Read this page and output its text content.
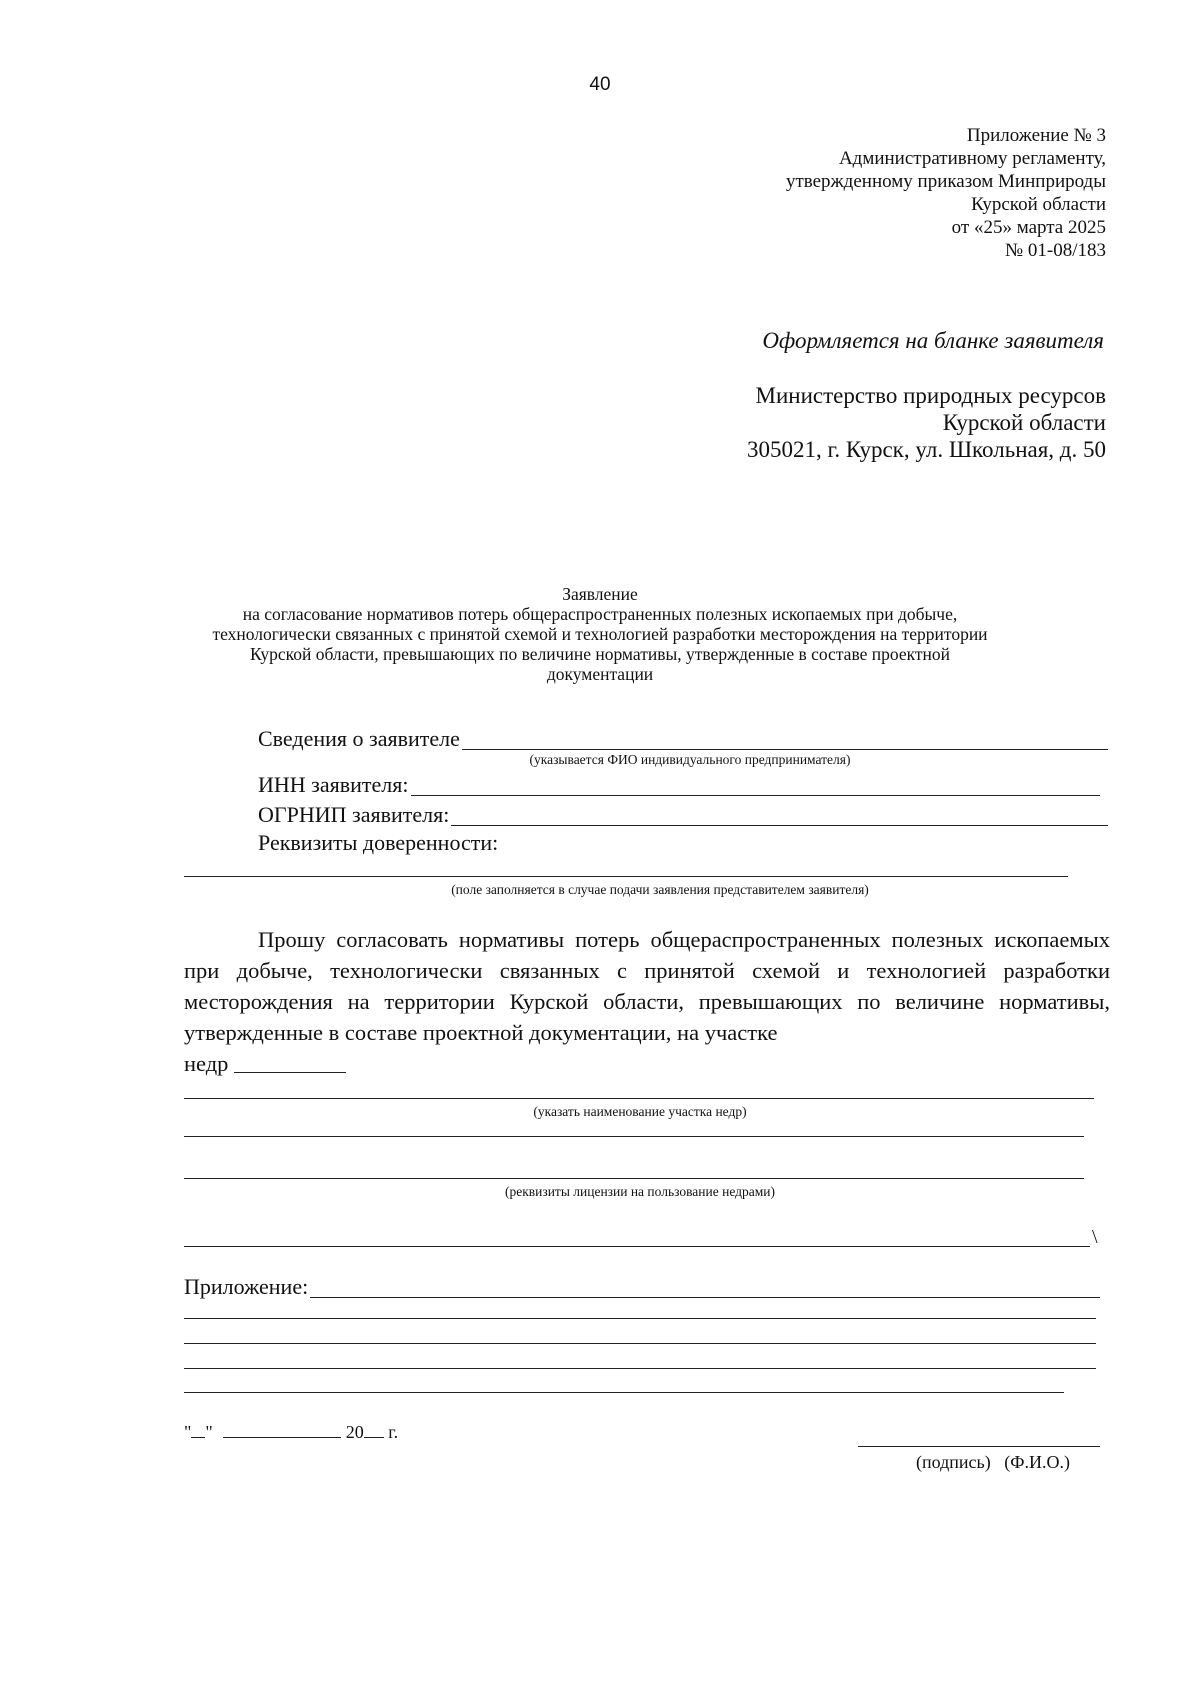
40
Приложение № 3
Административному регламенту,
утвержденному приказом Минприроды
Курской области
от «25» марта 2025
№ 01-08/183
Оформляется на бланке заявителя
Министерство природных ресурсов
Курской области
305021, г. Курск, ул. Школьная, д. 50
Заявление
на согласование нормативов потерь общераспространенных полезных ископаемых при добыче,
технологически связанных с принятой схемой и технологией разработки месторождения на территории
Курской области, превышающих по величине нормативы, утвержденные в составе проектной
документации
Сведения о заявителе
(указывается ФИО индивидуального предпринимателя)
ИНН заявителя:
ОГРНИП заявителя:
Реквизиты доверенности:
(поле заполняется в случае подачи заявления представителем заявителя)
Прошу согласовать нормативы потерь общераспространенных полезных ископаемых при добыче, технологически связанных с принятой схемой и технологией разработки месторождения на территории Курской области, превышающих по величине нормативы, утвержденные в составе проектной документации, на участке
недр
(указать наименование участка недр)
(реквизиты лицензии на пользование недрами)
\
Приложение:
" "	20 г.
(подпись) (Ф.И.О.)
